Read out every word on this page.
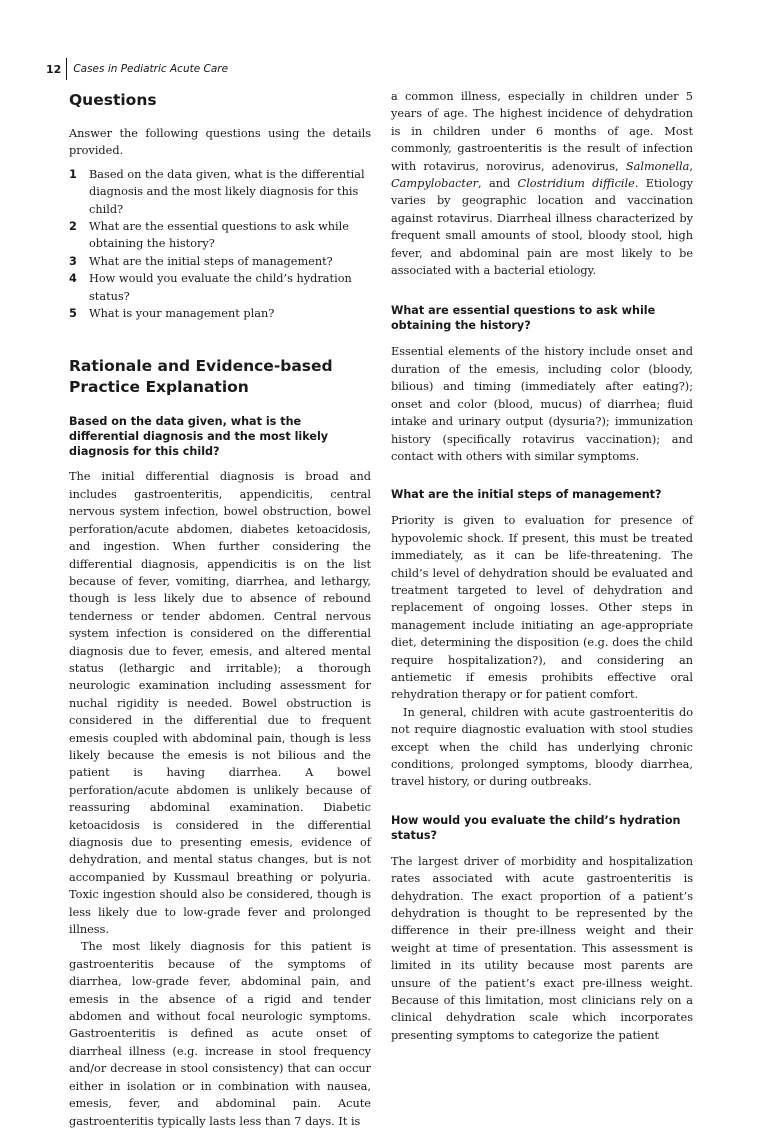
12 Cases in Pediatric Acute Care
Questions

Answer the following questions using the details provided.

1	Based on the data given, what is the differential diagnosis and the most likely diagnosis for this child?
2	What are the essential questions to ask while obtaining the history?
3	What are the initial steps of management?
4	How would you evaluate the child’s hydration status?
5	What is your management plan?
Rationale and Evidence-based Practice Explanation
Based on the data given, what is the differential diagnosis and the most likely diagnosis for this child?

The initial differential diagnosis is broad and includes gastroenteritis, appendicitis, central nervous system infection, bowel obstruction, bowel perforation/acute abdomen, diabetes ketoacidosis, and ingestion. When further considering the differential diagnosis, appendicitis is on the list because of fever, vomiting, diarrhea, and lethargy, though is less likely due to absence of rebound tenderness or tender abdomen. Central nervous system infection is considered on the differential diagnosis due to fever, emesis, and altered mental status (lethargic and irritable); a thorough neurologic examination including assessment for nuchal rigidity is needed. Bowel obstruction is considered in the differential due to frequent emesis coupled with abdominal pain, though is less likely because the emesis is not bilious and the patient is having diarrhea. A bowel perforation/acute abdomen is unlikely because of reassuring abdominal examination. Diabetic ketoacidosis is considered in the differential diagnosis due to presenting emesis, evidence of dehydration, and mental status changes, but is not accompanied by Kussmaul breathing or polyuria. Toxic ingestion should also be considered, though is less likely due to low-grade fever and prolonged illness.

The most likely diagnosis for this patient is gastroenteritis because of the symptoms of diarrhea, low-grade fever, abdominal pain, and emesis in the absence of a rigid and tender abdomen and without focal neurologic symptoms. Gastroenteritis is defined as acute onset of diarrheal illness (e.g. increase in stool frequency and/or decrease in stool consistency) that can occur either in isolation or in combination with nausea, emesis, fever, and abdominal pain. Acute gastroenteritis typically lasts less than 7 days. It is

a common illness, especially in children under 5 years of age. The highest incidence of dehydration is in children under 6 months of age. Most commonly, gastroenteritis is the result of infection with rotavirus, norovirus, adenovirus, Salmonella, Campylobacter, and Clostridium difficile. Etiology varies by geographic location and vaccination against rotavirus. Diarrheal illness characterized by frequent small amounts of stool, bloody stool, high fever, and abdominal pain are most likely to be associated with a bacterial etiology.

What are essential questions to ask while obtaining the history?

Essential elements of the history include onset and duration of the emesis, including color (bloody, bilious) and timing (immediately after eating?); onset and color (blood, mucus) of diarrhea; fluid intake and urinary output (dysuria?); immunization history (specifically rotavirus vaccination); and contact with others with similar symptoms.

What are the initial steps of management?

Priority is given to evaluation for presence of hypovolemic shock. If present, this must be treated immediately, as it can be life-threatening. The child’s level of dehydration should be evaluated and treatment targeted to level of dehydration and replacement of ongoing losses. Other steps in management include initiating an age-appropriate diet, determining the disposition (e.g. does the child require hospitalization?), and considering an antiemetic if emesis prohibits effective oral rehydration therapy or for patient comfort.

In general, children with acute gastroenteritis do not require diagnostic evaluation with stool studies except when the child has underlying chronic conditions, prolonged symptoms, bloody diarrhea, travel history, or during outbreaks.

How would you evaluate the child’s hydration status?

The largest driver of morbidity and hospitalization rates associated with acute gastroenteritis is dehydration. The exact proportion of a patient’s dehydration is thought to be represented by the difference in their pre-illness weight and their weight at time of presentation. This assessment is limited in its utility because most parents are unsure of the patient’s exact pre-illness weight. Because of this limitation, most clinicians rely on a clinical dehydration scale which incorporates presenting symptoms to categorize the patient
